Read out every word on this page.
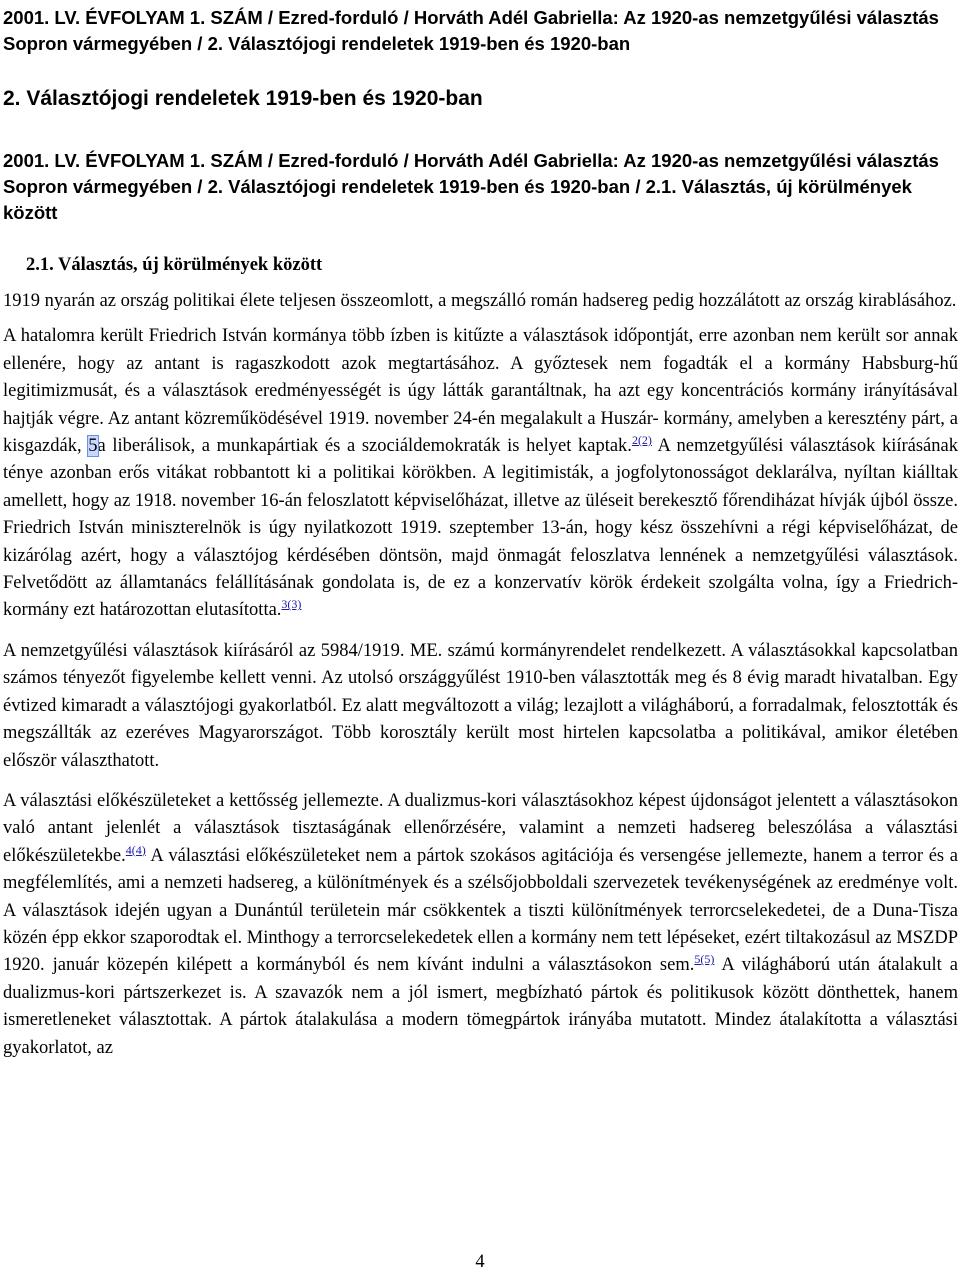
2001. LV. ÉVFOLYAM 1. SZÁM / Ezred-forduló / Horváth Adél Gabriella: Az 1920-as nemzetgyűlési választás Sopron vármegyében / 2. Választójogi rendeletek 1919-ben és 1920-ban

2. Választójogi rendeletek 1919-ben és 1920-ban

2001. LV. ÉVFOLYAM 1. SZÁM / Ezred-forduló / Horváth Adél Gabriella: Az 1920-as nemzetgyűlési választás Sopron vármegyében / 2. Választójogi rendeletek 1919-ben és 1920-ban / 2.1. Választás, új körülmények között

2.1. Választás, új körülmények között

1919 nyarán az ország politikai élete teljesen összeomlott, a megszálló román hadsereg pedig hozzálátott az ország kirablásához.

A hatalomra került Friedrich István kormánya több ízben is kitűzte a választások időpontját, erre azonban nem került sor annak ellenére, hogy az antant is ragaszkodott azok megtartásához. A győztesek nem fogadták el a kormány Habsburg-hű legitimizmusát, és a választások eredményességét is úgy látták garantáltnak, ha azt egy koncentrációs kormány irányításával hajtják végre. Az antant közreműködésével 1919. november 24-én megalakult a Huszár- kormány, amelyben a keresztény párt, a kisgazdák, 5a liberálisok, a munkapártiak és a szociáldemokraták is helyet kaptak.$^{2(2)}$ A nemzetgyűlési választások kiírásának ténye azonban erős vitákat robbantott ki a politikai körökben. A legitimisták, a jogfolytonosságot deklarálva, nyíltan kiálltak amellett, hogy az 1918. november 16-án feloszlatott képviselőházat, illetve az üléseit berekesztő főrendiházat hívják újból össze. Friedrich István miniszterelnök is úgy nyilatkozott 1919. szeptember 13-án, hogy kész összehívni a régi képviselőházat, de kizárólag azért, hogy a választójog kérdésében döntsön, majd önmagát feloszlatva lennének a nemzetgyűlési választások. Felvetődött az államtanács felállításának gondolata is, de ez a konzervatív körök érdekeit szolgálta volna, így a Friedrich-kormány ezt határozottan elutasította.$^{3(3)}$

A nemzetgyűlési választások kiírásáról az 5984/1919. ME. számú kormányrendelet rendelkezett. A választásokkal kapcsolatban számos tényezőt figyelembe kellett venni. Az utolsó országgyűlést 1910-ben választották meg és 8 évig maradt hivatalban. Egy évtized kimaradt a választójogi gyakorlatból. Ez alatt megváltozott a világ; lezajlott a világháború, a forradalmak, felosztották és megszállták az ezeréves Magyarországot. Több korosztály került most hirtelen kapcsolatba a politikával, amikor életében először választhatott.

A választási előkészületeket a kettősség jellemezte. A dualizmus-kori választásokhoz képest újdonságot jelentett a választásokon való antant jelenlét a választások tisztaságának ellenőrzésére, valamint a nemzeti hadsereg beleszólása a választási előkészületekbe.$^{4(4)}$ A választási előkészületeket nem a pártok szokásos agitációja és versengése jellemezte, hanem a terror és a megfélemlítés, ami a nemzeti hadsereg, a különítmények és a szélsőjobboldali szervezetek tevékenységének az eredménye volt. A választások idején ugyan a Dunántúl területein már csökkentek a tiszti különítmények terrorcselekedetei, de a Duna-Tisza közén épp ekkor szaporodtak el. Minthogy a terrorcselekedetek ellen a kormány nem tett lépéseket, ezért tiltakozásul az MSZDP 1920. január közepén kilépett a kormányból és nem kívánt indulni a választásokon sem.$^{5(5)}$ A világháború után átalakult a dualizmus-kori pártszerkezet is. A szavazók nem a jól ismert, megbízható pártok és politikusok között dönthettek, hanem ismeretleneket választottak. A pártok átalakulása a modern tömegpártok irányába mutatott. Mindez átalakította a választási gyakorlatot, az

4
